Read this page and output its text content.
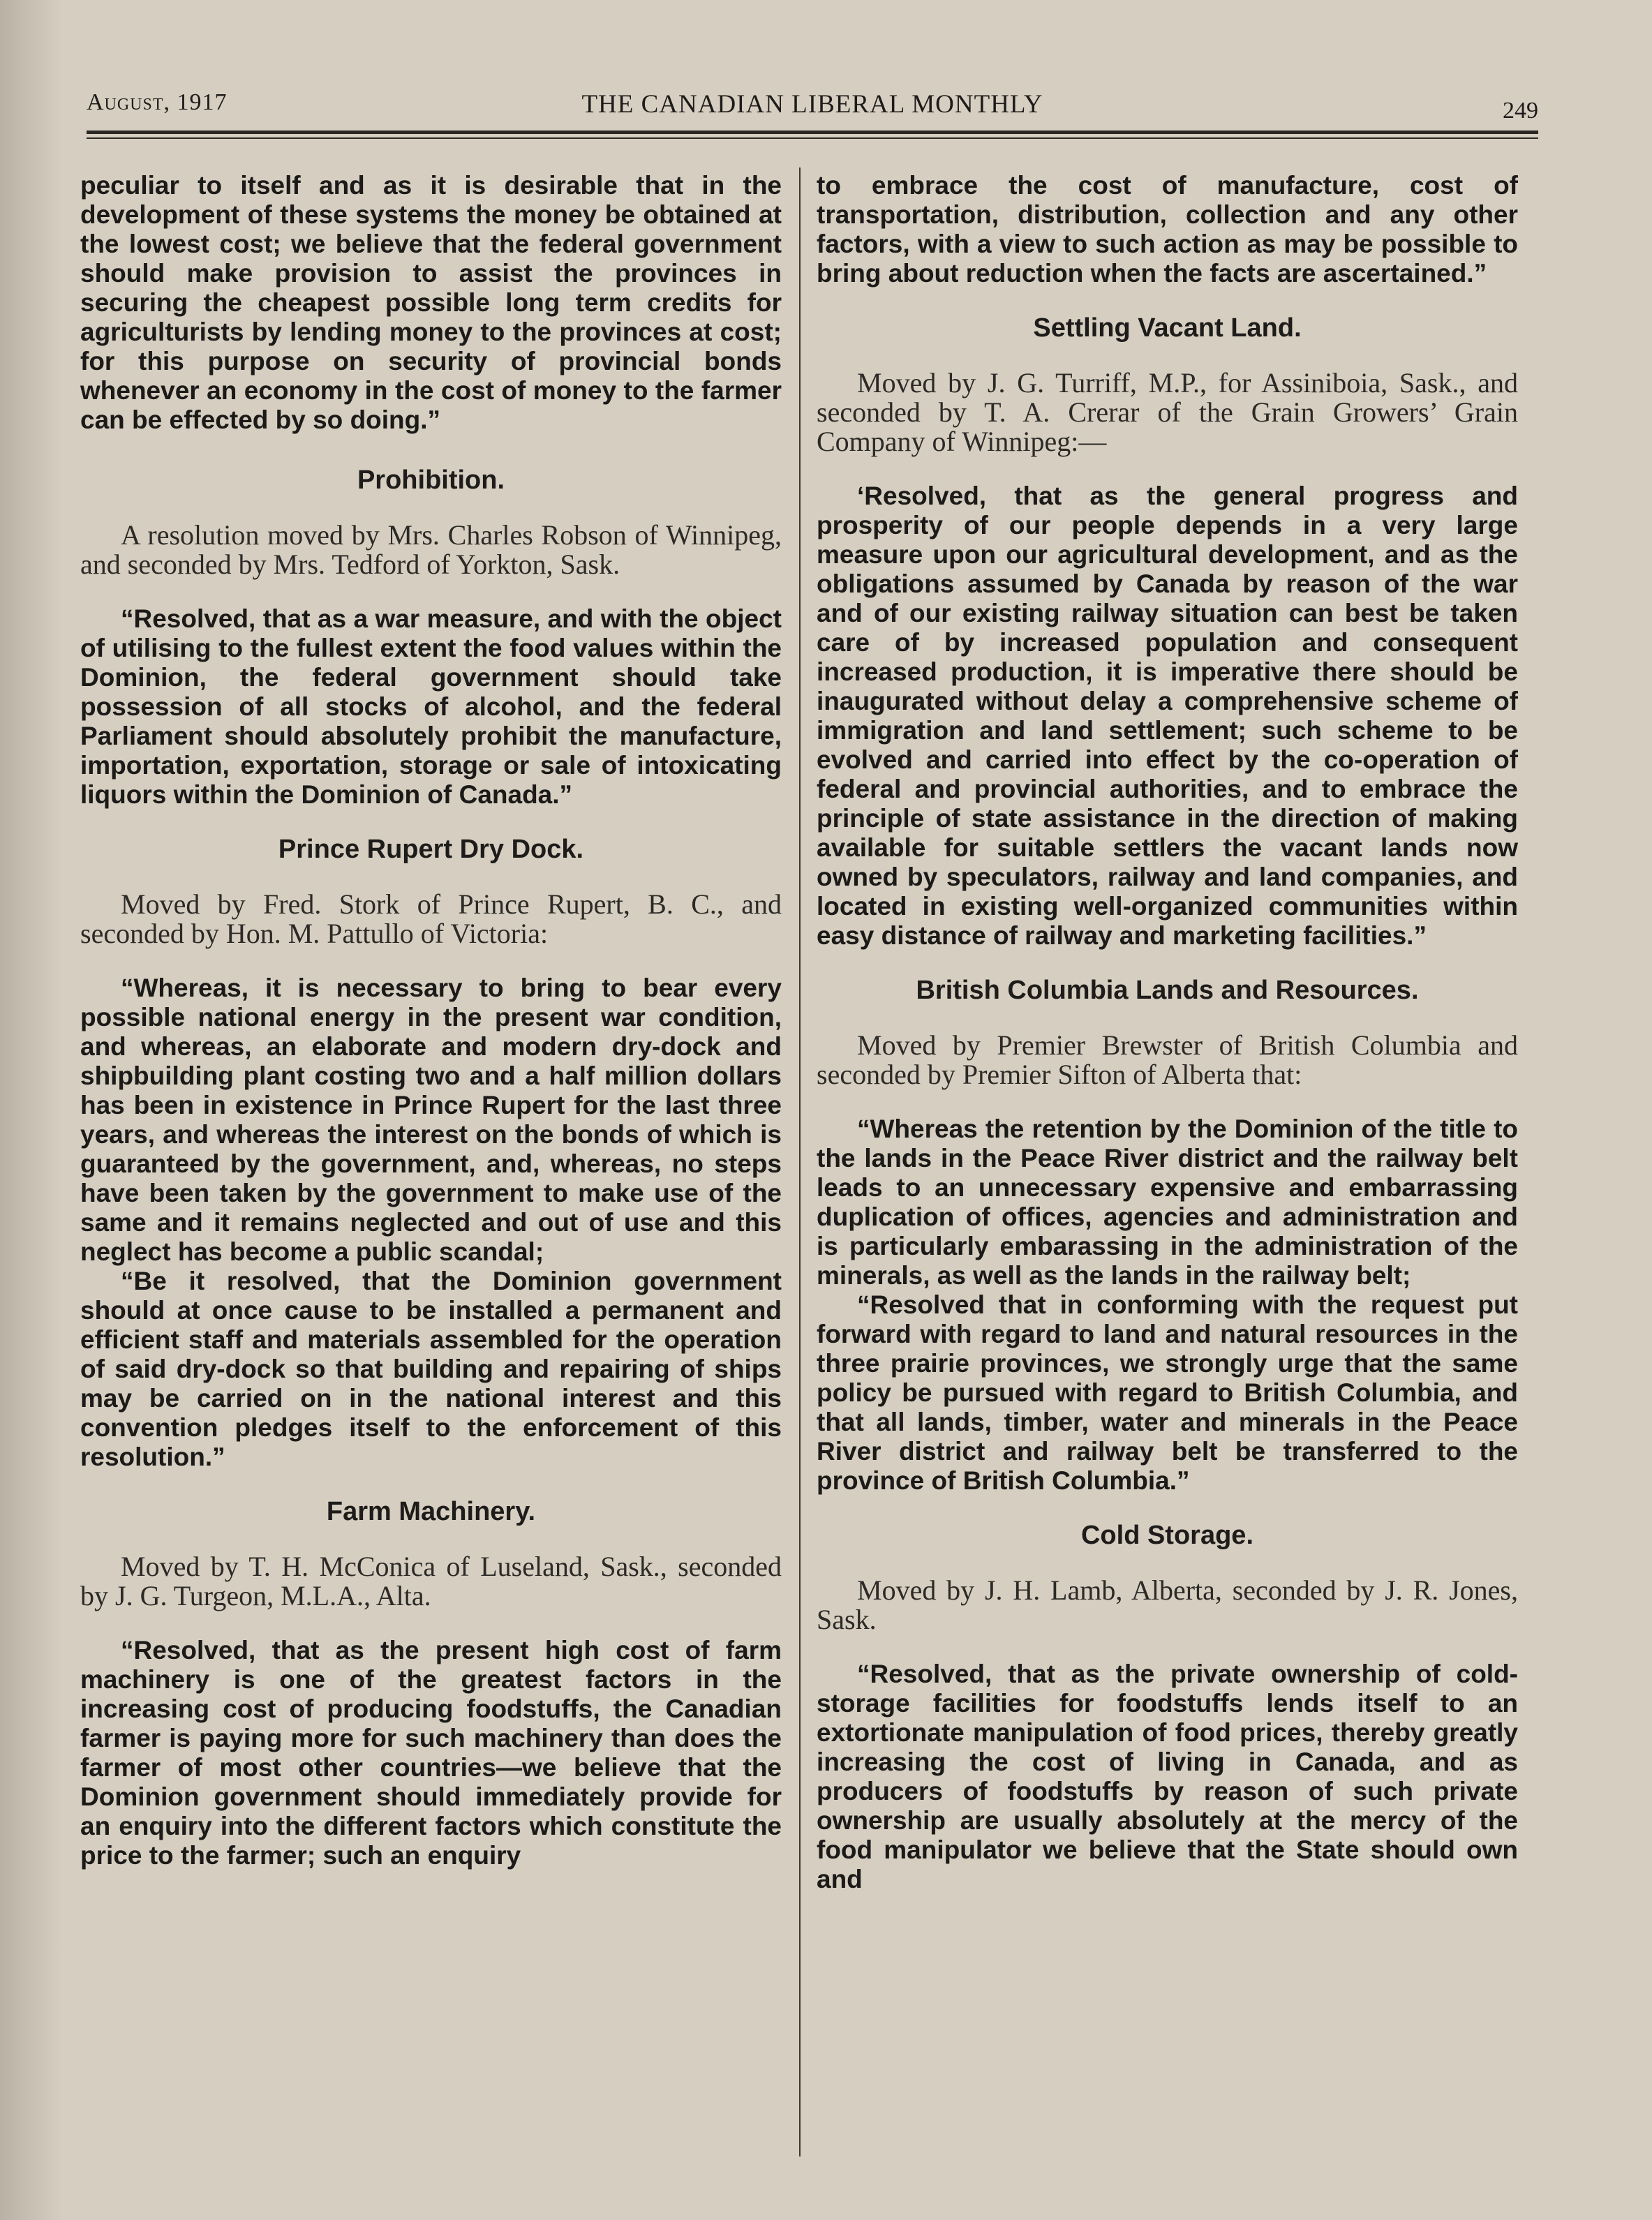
August, 1917	THE CANADIAN LIBERAL MONTHLY	249

peculiar to itself and as it is desirable that in the development of these systems the money be obtained at the lowest cost; we believe that the federal government should make provision to assist the provinces in securing the cheapest possible long term credits for agriculturists by lending money to the provinces at cost; for this purpose on security of provincial bonds whenever an economy in the cost of money to the farmer can be effected by so doing.”

Prohibition.

A resolution moved by Mrs. Charles Robson of Winnipeg, and seconded by Mrs. Tedford of Yorkton, Sask.

“Resolved, that as a war measure, and with the object of utilising to the fullest extent the food values within the Dominion, the federal government should take possession of all stocks of alcohol, and the federal Parliament should absolutely prohibit the manufacture, importation, exportation, storage or sale of intoxicating liquors within the Dominion of Canada.”

Prince Rupert Dry Dock.

Moved by Fred. Stork of Prince Rupert, B. C., and seconded by Hon. M. Pattullo of Victoria:

“Whereas, it is necessary to bring to bear every possible national energy in the present war condition, and whereas, an elaborate and modern dry-dock and shipbuilding plant costing two and a half million dollars has been in existence in Prince Rupert for the last three years, and whereas the interest on the bonds of which is guaranteed by the government, and, whereas, no steps have been taken by the government to make use of the same and it remains neglected and out of use and this neglect has become a public scandal;

“Be it resolved, that the Dominion government should at once cause to be installed a permanent and efficient staff and materials assembled for the operation of said dry-dock so that building and repairing of ships may be carried on in the national interest and this convention pledges itself to the enforcement of this resolution.”

Farm Machinery.

Moved by T. H. McConica of Luseland, Sask., seconded by J. G. Turgeon, M.L.A., Alta.

“Resolved, that as the present high cost of farm machinery is one of the greatest factors in the increasing cost of producing foodstuffs, the Canadian farmer is paying more for such machinery than does the farmer of most other countries—we believe that the Dominion government should immediately provide for an enquiry into the different factors which constitute the price to the farmer; such an enquiry

to embrace the cost of manufacture, cost of transportation, distribution, collection and any other factors, with a view to such action as may be possible to bring about reduction when the facts are ascertained.”

Settling Vacant Land.

Moved by J. G. Turriff, M.P., for Assiniboia, Sask., and seconded by T. A. Crerar of the Grain Growers’ Grain Company of Winnipeg:—

‘Resolved, that as the general progress and prosperity of our people depends in a very large measure upon our agricultural development, and as the obligations assumed by Canada by reason of the war and of our existing railway situation can best be taken care of by increased population and consequent increased production, it is imperative there should be inaugurated without delay a comprehensive scheme of immigration and land settlement; such scheme to be evolved and carried into effect by the co-operation of federal and provincial authorities, and to embrace the principle of state assistance in the direction of making available for suitable settlers the vacant lands now owned by speculators, railway and land companies, and located in existing well-organized communities within easy distance of railway and marketing facilities.”

British Columbia Lands and Resources.

Moved by Premier Brewster of British Columbia and seconded by Premier Sifton of Alberta that:

“Whereas the retention by the Dominion of the title to the lands in the Peace River district and the railway belt leads to an unnecessary expensive and embarrassing duplication of offices, agencies and administration and is particularly embarassing in the administration of the minerals, as well as the lands in the railway belt;

“Resolved that in conforming with the request put forward with regard to land and natural resources in the three prairie provinces, we strongly urge that the same policy be pursued with regard to British Columbia, and that all lands, timber, water and minerals in the Peace River district and railway belt be transferred to the province of British Columbia.”

Cold Storage.

Moved by J. H. Lamb, Alberta, seconded by J. R. Jones, Sask.

“Resolved, that as the private ownership of cold-storage facilities for foodstuffs lends itself to an extortionate manipulation of food prices, thereby greatly increasing the cost of living in Canada, and as producers of foodstuffs by reason of such private ownership are usually absolutely at the mercy of the food manipulator we believe that the State should own and
